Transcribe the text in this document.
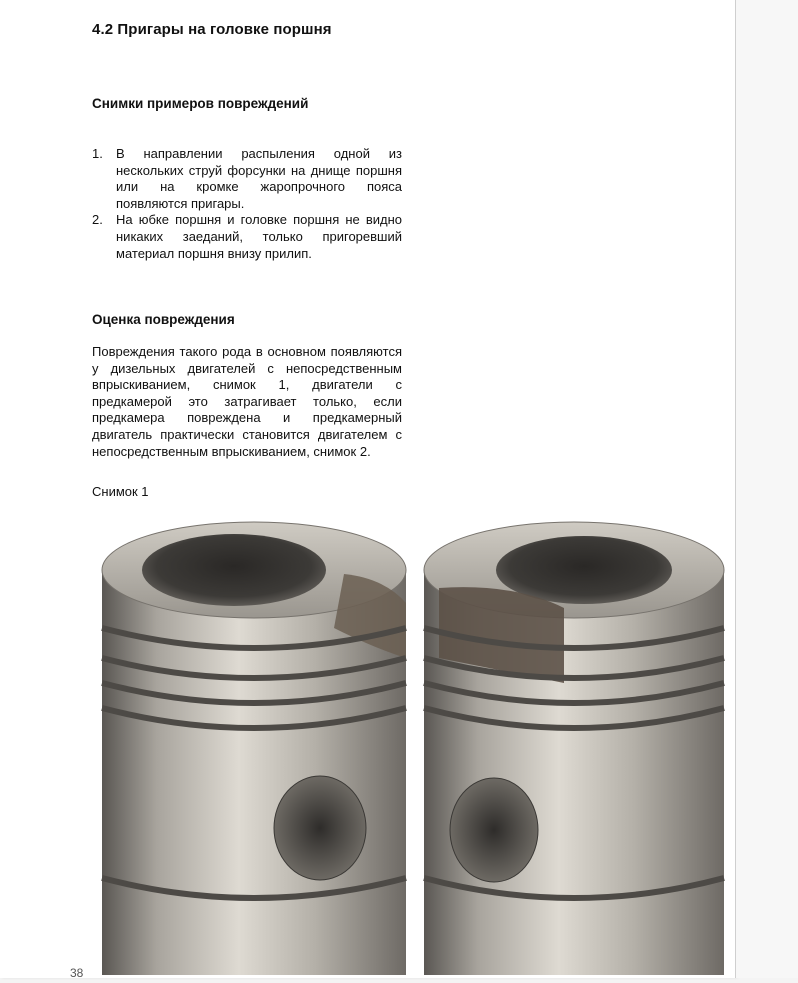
4.2 Пригары на головке поршня
Снимки примеров повреждений
1. В направлении распыления одной из нескольких струй форсунки на днище поршня или на кромке жаропрочного пояса появляются пригары.
2. На юбке поршня и головке поршня не видно никаких заеданий, только пригоревший материал поршня внизу прилип.
Оценка повреждения
Повреждения такого рода в основном появляются у дизельных двигателей с непосредственным впрыскиванием, снимок 1, двигатели с предкамерой это затрагивает только, если предкамера повреждена и предкамерный двигатель практически становится двигателем с непосредственным впрыскиванием, снимок 2.
Снимок 1
38
